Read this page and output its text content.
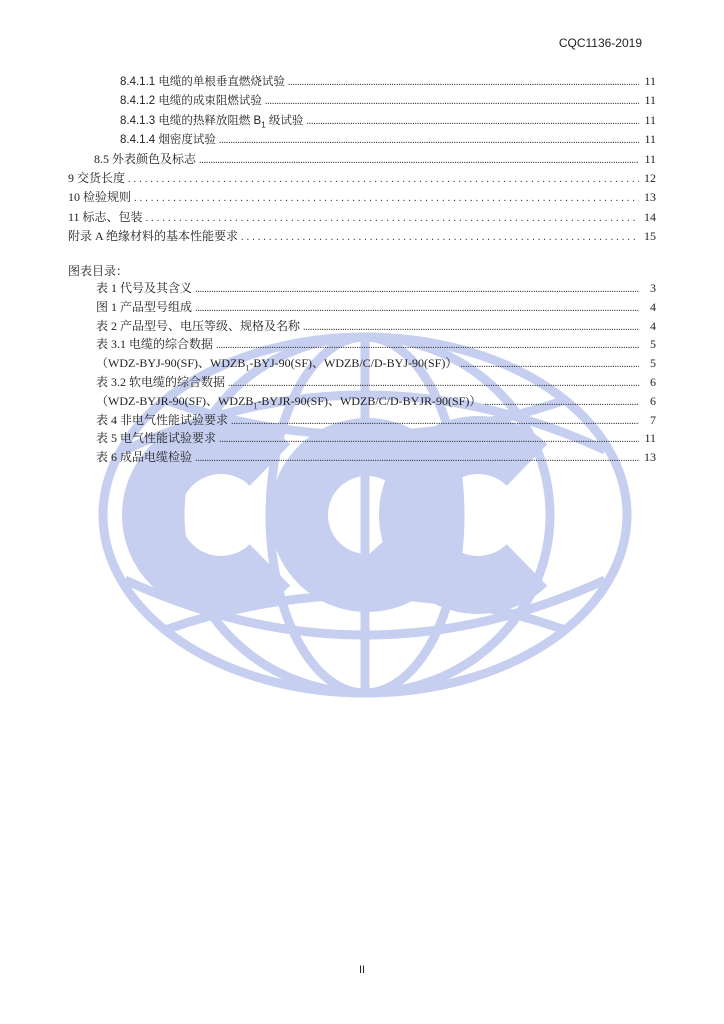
CQC1136-2019
8.4.1.1 电缆的单根垂直燃烧试验 .....	11
8.4.1.2 电缆的成束阻燃试验 .....	11
8.4.1.3 电缆的热释放阻燃 $B_1$ 级试验 .....	11
8.4.1.4 烟密度试验 .....	11
8.5 外表颜色及标志 .....	11
9 交货长度 . . .	12
10 检验规则 . . .	13
11 标志、包装 . . .	14
附录 A 绝缘材料的基本性能要求 . . .	15
图表目录：
表 1 代号及其含义 .....	3
图 1 产品型号组成 .....	4
表 2 产品型号、电压等级、规格及名称 .....	4
表 3.1 电缆的综合数据 .....	5
（WDZ-BYJ-90(SF)、$WDZB_1-BYJ-90(SF)$、WDZB/C/D-BYJ-90(SF)） .....	5
表 3.2 软电缆的综合数据 .....	6
（WDZ-BYJR-90(SF)、$WDZB_1-BYJR-90(SF)$、WDZB/C/D-BYJR-90(SF)） .....	6
表 4 非电气性能试验要求 .....	7
表 5 电气性能试验要求 .....	11
表 6 成品电缆检验 .....	13
II
